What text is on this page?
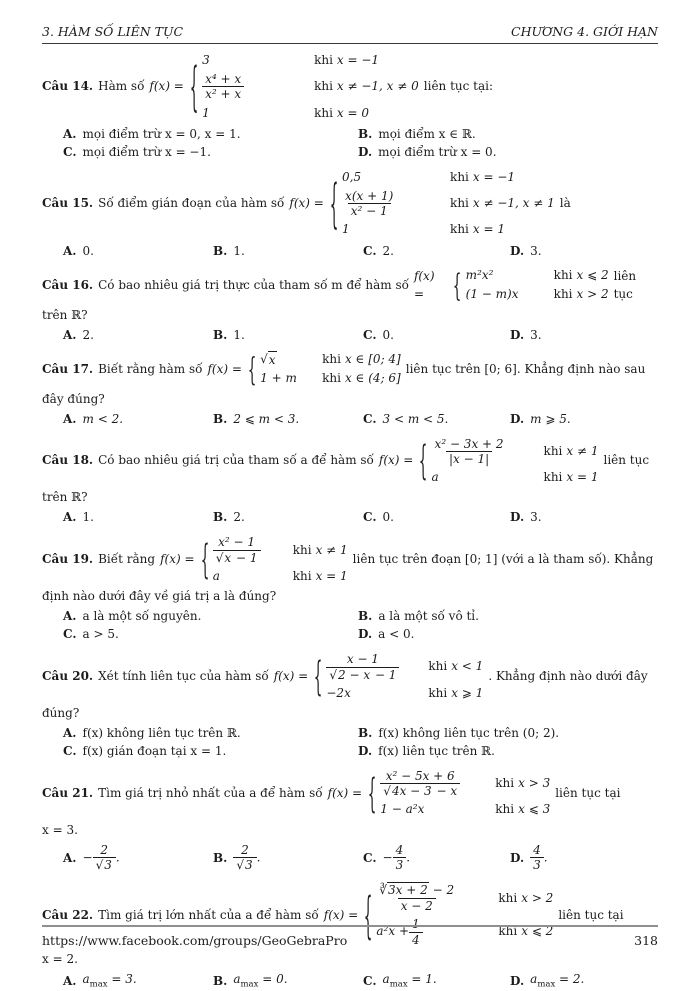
3. HÀM SỐ LIÊN TỤC	CHƯƠNG 4. GIỚI HẠN
Câu 14. Hàm số f(x) = { 3	khi x = −1
$\frac{\text{x⁴ + x}}{\text{x² + x}}$	khi x ≠ −1, x ≠ 0
1	khi x = 0
liên tục tại:
A. mọi điểm trừ x = 0, x = 1.	B. mọi điểm x ∈ ℝ.
C. mọi điểm trừ x = −1.	D. mọi điểm trừ x = 0.
Câu 15. Số điểm gián đoạn của hàm số f(x) = { 0,5	khi x = −1
$\frac{x(x + 1)}{\text{x² − 1}}$	khi x ≠ −1, x ≠ 1
1	khi x = 1
là
A. 0.	B. 1.	C. 2.	D. 3.
Câu 16. Có bao nhiêu giá trị thực của tham số m để hàm số
f(x) =	{ m²x²	khi x ⩽ 2
(1 − m)x	khi x > 2
liên tục
trên ℝ?
A. 2.	B. 1.	C. 0.	D. 3.
Câu 17. Biết rằng hàm số f(x) = { √ x	khi x ∈ [0; 4]
1 + m	khi x ∈ (4; 6]
liên tục trên [0; 6]. Khẳng định nào sau
đây đúng?
A. m < 2.	B. 2 ⩽ m < 3.	C. 3 < m < 5.	D. m ⩾ 5.
Câu 18. Có bao nhiêu giá trị của tham số a để hàm số f(x) = { $\frac{\text{x² − 3x + 2}}{|x - 1|}$	khi x ≠ 1
a	khi x = 1
liên tục
trên ℝ?
A. 1.	B. 2.	C. 0.	D. 3.
Câu 19. Biết rằng f(x) = { $\frac{\text{x² − 1}}{√x - 1}$	khi x ≠ 1
a	khi x = 1
liên tục trên đoạn [0; 1] (với a là tham số). Khẳng
định nào dưới đây về giá trị a là đúng?
A. a là một số nguyên.	B. a là một số vô tỉ.
C. a > 5.	D. a < 0.
Câu 20. Xét tính liên tục của hàm số f(x) = { $\frac{x - 1}{√2 - x - 1}$ khi x < 1
−2x	khi x ⩾ 1
. Khẳng định nào dưới đây
đúng?
A. f(x) không liên tục trên ℝ.	B. f(x) không liên tục trên (0; 2).
C. f(x) gián đoạn tại x = 1.	D. f(x) liên tục trên ℝ.
Câu 21. Tìm giá trị nhỏ nhất của a để hàm số f(x) = { $\frac{\text{x² − 5x + 6}}{√4x - 3 - x}$	khi x > 3
1 − a²x	khi x ⩽ 3
liên tục tại
x = 3.
A. − $\frac{2}{√3}$ .	B. $\frac{2}{√3}$ .	C. − $\frac{4}{3}$ .	D. $\frac{4}{3}$ .
Câu 22. Tìm giá trị lớn nhất của a để hàm số f(x) = { $\frac{∛3x + 2 - 2}{x - 2}$	khi x > 2
$a^2x + \frac{1}{4}$	khi x ⩽ 2
liên tục tại
x = 2.
A. $a_{max} = 3$.	B. $a_{max} = 0$.	C. $a_{max} = 1$.	D. $a_{max} = 2$.
https://www.facebook.com/groups/GeoGebraPro	318
